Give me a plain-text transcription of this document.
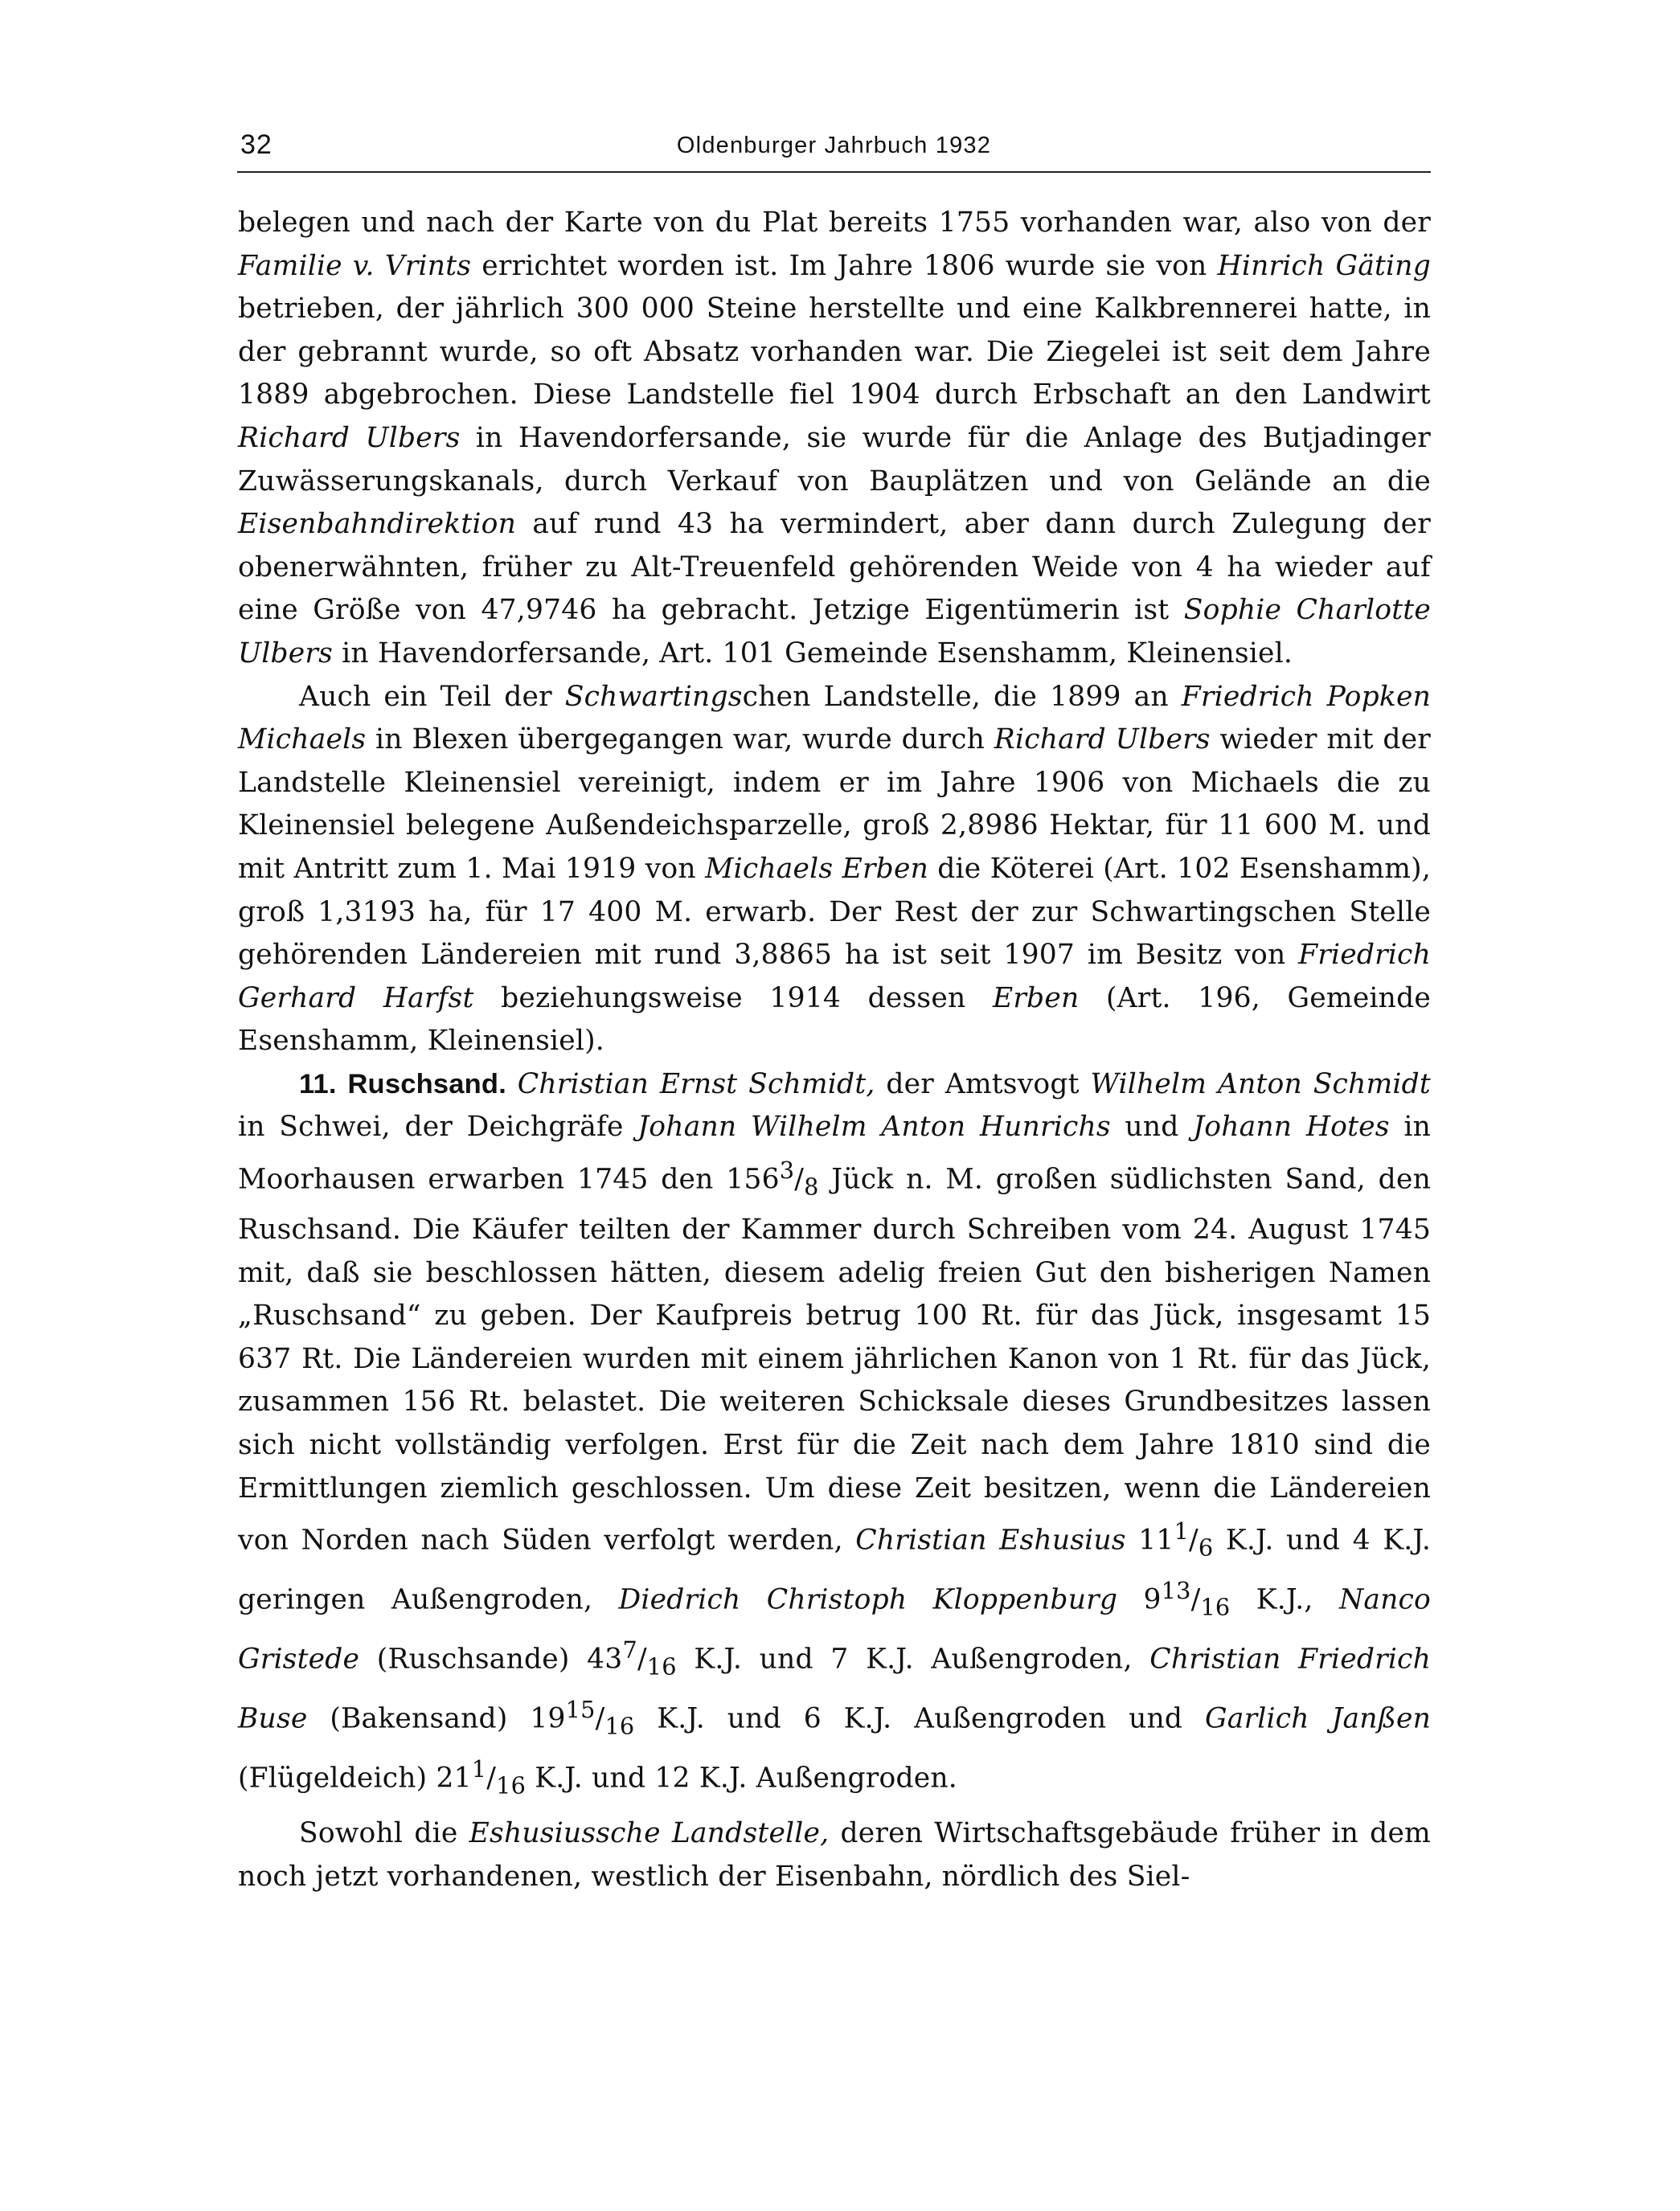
32	Oldenburger Jahrbuch 1932

belegen und nach der Karte von du Plat bereits 1755 vorhanden war, also von der Familie v. Vrints errichtet worden ist. Im Jahre 1806 wurde sie von Hinrich Gäting betrieben, der jährlich 300 000 Steine herstellte und eine Kalkbrennerei hatte, in der gebrannt wurde, so oft Absatz vorhanden war. Die Ziegelei ist seit dem Jahre 1889 abgebrochen. Diese Landstelle fiel 1904 durch Erbschaft an den Landwirt Richard Ulbers in Havendorfersande, sie wurde für die Anlage des Butjadinger Zuwässerungskanals, durch Verkauf von Bauplätzen und von Gelände an die Eisenbahndirektion auf rund 43 ha vermindert, aber dann durch Zulegung der obenerwähnten, früher zu Alt-Treuenfeld gehörenden Weide von 4 ha wieder auf eine Größe von 47,9746 ha gebracht. Jetzige Eigentümerin ist Sophie Charlotte Ulbers in Havendorfersande, Art. 101 Gemeinde Esenshamm, Kleinensiel.

Auch ein Teil der Schwartingschen Landstelle, die 1899 an Friedrich Popken Michaels in Blexen übergegangen war, wurde durch Richard Ulbers wieder mit der Landstelle Kleinensiel vereinigt, indem er im Jahre 1906 von Michaels die zu Kleinensiel belegene Außendeichsparzelle, groß 2,8986 Hektar, für 11 600 M. und mit Antritt zum 1. Mai 1919 von Michaels Erben die Köterei (Art. 102 Esenshamm), groß 1,3193 ha, für 17 400 M. erwarb. Der Rest der zur Schwartingschen Stelle gehörenden Ländereien mit rund 3,8865 ha ist seit 1907 im Besitz von Friedrich Gerhard Harfst beziehungsweise 1914 dessen Erben (Art. 196, Gemeinde Esenshamm, Kleinensiel).

11. Ruschsand. Christian Ernst Schmidt, der Amtsvogt Wilhelm Anton Schmidt in Schwei, der Deichgräfe Johann Wilhelm Anton Hunrichs und Johann Hotes in Moorhausen erwarben 1745 den $156^3/_8$ Jück n. M. großen südlichsten Sand, den Ruschsand. Die Käufer teilten der Kammer durch Schreiben vom 24. August 1745 mit, daß sie beschlossen hätten, diesem adelig freien Gut den bisherigen Namen „Ruschsand“ zu geben. Der Kaufpreis betrug 100 Rt. für das Jück, insgesamt 15 637 Rt. Die Ländereien wurden mit einem jährlichen Kanon von 1 Rt. für das Jück, zusammen 156 Rt. belastet. Die weiteren Schicksale dieses Grundbesitzes lassen sich nicht vollständig verfolgen. Erst für die Zeit nach dem Jahre 1810 sind die Ermittlungen ziemlich geschlossen. Um diese Zeit besitzen, wenn die Ländereien von Norden nach Süden verfolgt werden, Christian Eshusius $11^1/_6$ K.J. und 4 K.J. geringen Außengroden, Diedrich Christoph Kloppenburg $9^{13}/_{16}$ K.J., Nanco Gristede (Ruschsande) $43^7/_{16}$ K.J. und 7 K.J. Außengroden, Christian Friedrich Buse (Bakensand) $19^{15}/_{16}$ K.J. und 6 K.J. Außengroden und Garlich Janßen (Flügeldeich) $21^1/_{16}$ K.J. und 12 K.J. Außengroden.

Sowohl die Eshusiussche Landstelle, deren Wirtschaftsgebäude früher in dem noch jetzt vorhandenen, westlich der Eisenbahn, nördlich des Siel-
